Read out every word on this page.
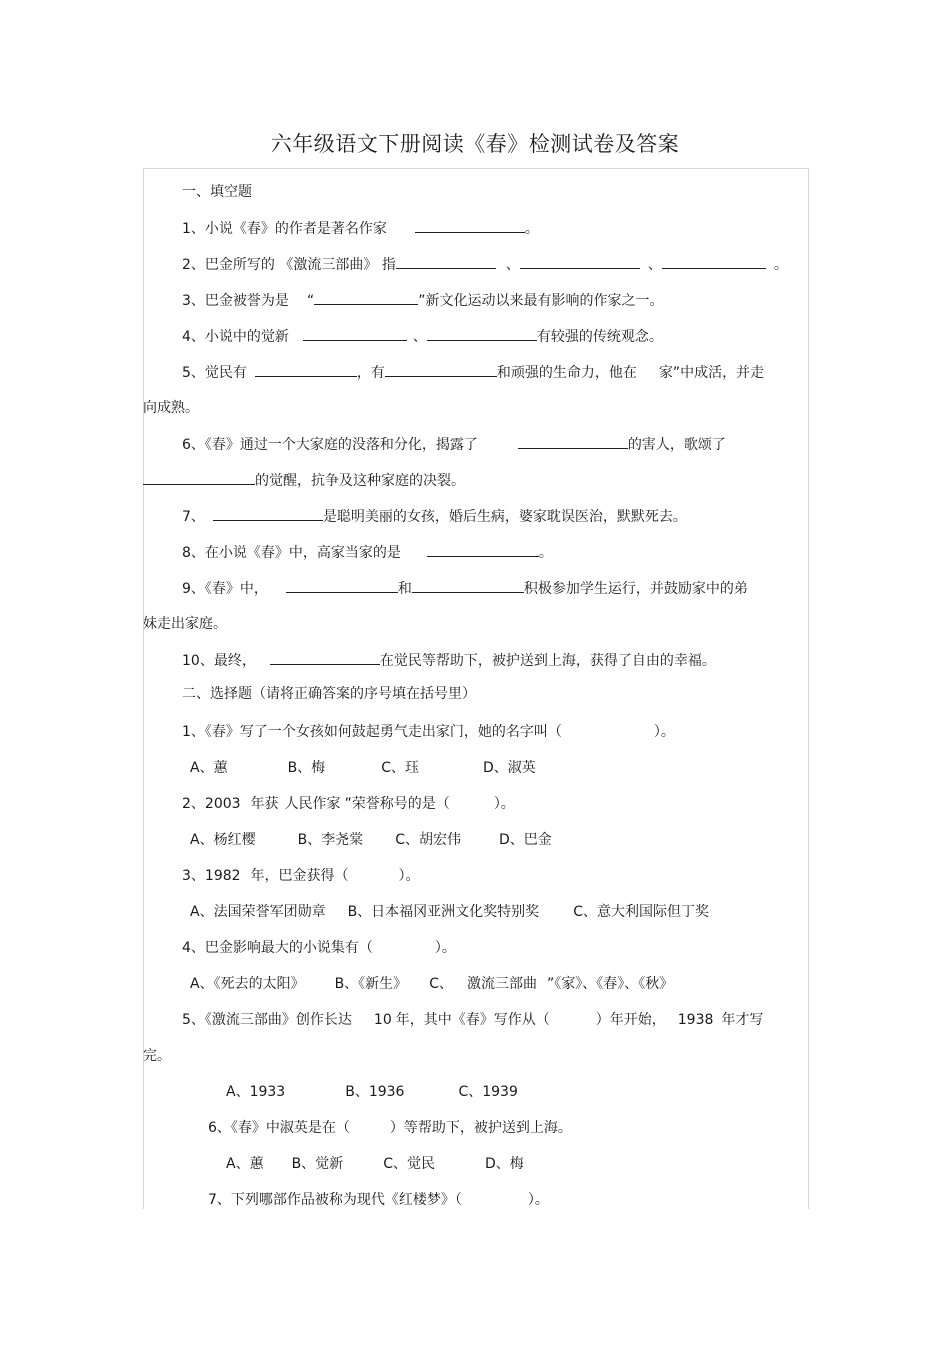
六年级语文下册阅读《春》检测试卷及答案
一、填空题
1、小说《春》的作者是著名作家	。
2、巴金所写的 《激流三部曲》 指	、	、	。
3、巴金被誉为是 “	”新文化运动以来最有影响的作家之一。
4、小说中的觉新	、	有较强的传统观念。
5、觉民有	，有	和顽强的生命力，他在 家”中成活，并走
向成熟。
6、《春》通过一个大家庭的没落和分化，揭露了	的害人，歌颂了
的觉醒，抗争及这种家庭的决裂。
7、	是聪明美丽的女孩，婚后生病，婆家耽误医治，默默死去。
8、在小说《春》中，高家当家的是	。
9、《春》中，	和	积极参加学生运行，并鼓励家中的弟
妹走出家庭。
10、最终，	在觉民等帮助下，被护送到上海，获得了自由的幸福。
二、选择题（请将正确答案的序号填在括号里）
1、《春》写了一个女孩如何鼓起勇气走出家门，她的名字叫（	）。
A、蕙	B、梅	C、珏	D、淑英
2、2003 年获 人民作家 ”荣誉称号的是（	）。
A、杨红樱	B、李尧棠 C、胡宏伟	D、巴金
3、1982 年，巴金获得（	）。
A、法国荣誉军团勋章 B、日本福冈亚洲文化奖特别奖 C、意大利国际但丁奖
4、巴金影响最大的小说集有（	）。
A、《死去的太阳》 B、《新生》 C、 激流三部曲 ”《家》、《春》、《秋》
5、《激流三部曲》创作长达 10 年，其中《春》写作从（	）年开始， 1938 年才写
完。
A、1933	B、1936	C、1939
6、《春》中淑英是在（	）等帮助下，被护送到上海。
A、蕙 B、觉新	C、觉民	D、梅
7、下列哪部作品被称为现代《红楼梦》（	）。
